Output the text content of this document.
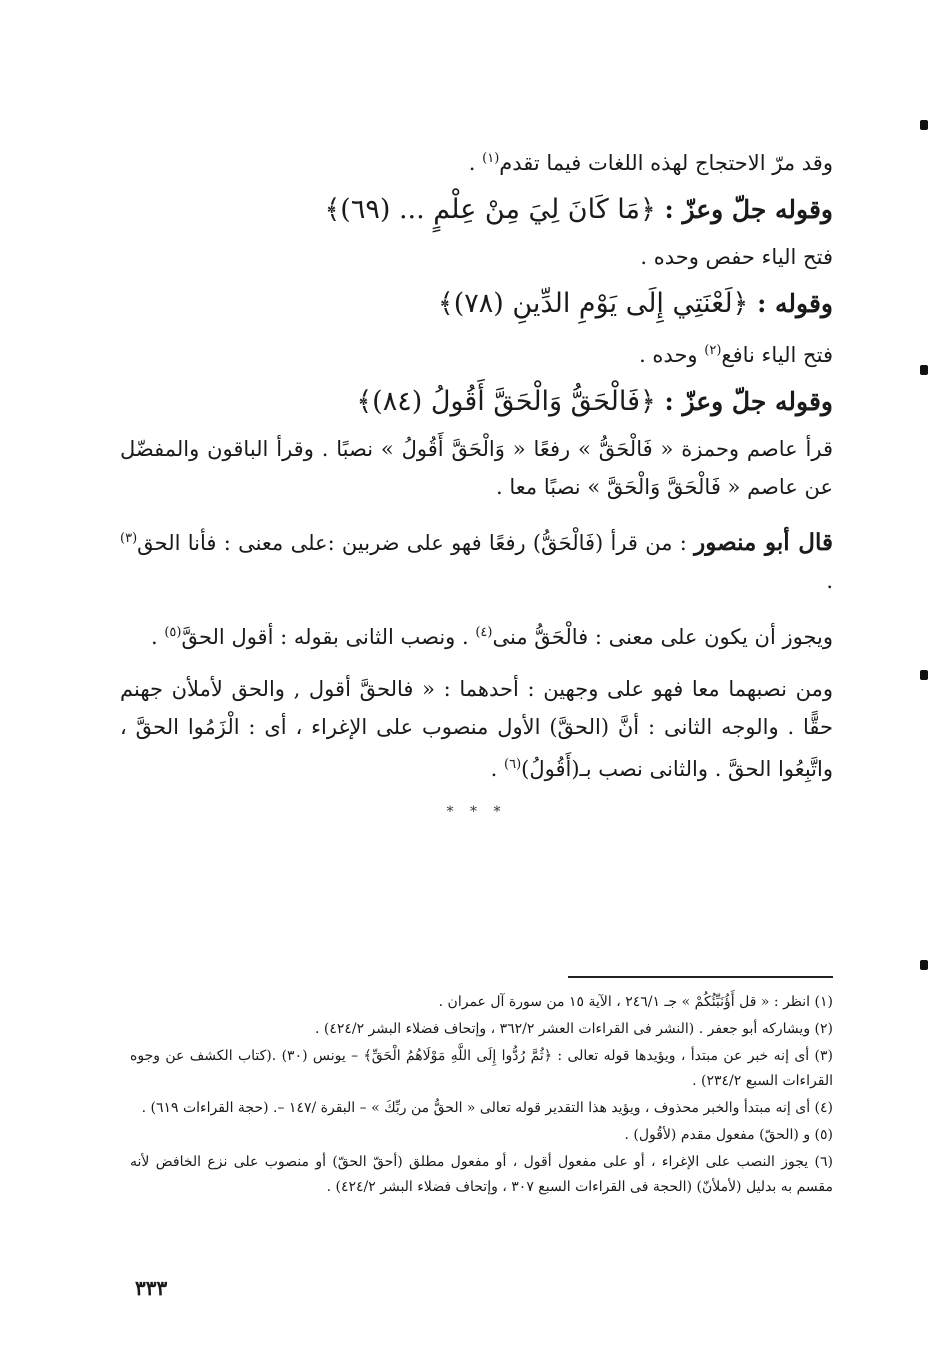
وقد مرّ الاحتجاج لهذه اللغات فيما تقدم$^{(١)}$ .

وقوله جلّ وعزّ : ﴿مَا كَانَ لِيَ مِنْ عِلْمٍ ... (٦٩)﴾

فتح الياء حفص وحده .

وقوله : ﴿لَعْنَتِي إِلَى يَوْمِ الدِّينِ (٧٨)﴾

فتح الياء نافع$^{(٢)}$ وحده .

وقوله جلّ وعزّ : ﴿فَالْحَقُّ وَالْحَقَّ أَقُولُ (٨٤)﴾

قرأ عاصم وحمزة « فَالْحَقُّ » رفعًا « وَالْحَقَّ أَقُولُ » نصبًا . وقرأ الباقون والمفضّل عن عاصم « فَالْحَقَّ وَالْحَقَّ » نصبًا معا .

قال أبو منصور : من قرأ (فَالْحَقُّ) رفعًا فهو على ضربين :على معنى : فأنا الحق$^{(٣)}$ .

ويجوز أن يكون على معنى : فالْحَقُّ منى$^{(٤)}$ . ونصب الثانى بقوله : أقول الحقَّ$^{(٥)}$ .

ومن نصبهما معا فهو على وجهين : أحدهما : « فالحقَّ أقول , والحق لأملأن جهنم حقًّا . والوجه الثانى : أنَّ (الحقَّ) الأول منصوب على الإغراء ، أى : الْزَمُوا الحقَّ ، واتَّبِعُوا الحقَّ . والثانى نصب بـ(أَقُولُ)$^{(٦)}$ .

* * *

(١) انظر : « قل أَؤُنَبِّئُكُمْ » جـ ٢٤٦/١ ، الآية ١٥ من سورة آل عمران .

(٢) ويشاركه أبو جعفر . (النشر فى القراءات العشر ٣٦٢/٢ ، وإتحاف فضلاء البشر ٤٢٤/٢) .

(٣) أى إنه خبر عن مبتدأ ، ويؤيدها قوله تعالى : ﴿ثُمَّ رُدُّوا إِلَى اللَّهِ مَوْلَاهُمُ الْحَقِّ﴾ – يونس (٣٠) .(كتاب الكشف عن وجوه القراءات السبع ٢٣٤/٢) .

(٤) أى إنه مبتدأ والخبر محذوف ، ويؤيد هذا التقدير قوله تعالى « الحقُّ من ربِّكَ » – البقرة /١٤٧ –. (حجة القراءات ٦١٩) .

(٥) و (الحقّ) مفعول مقدم (لأقُول) .

(٦) يجوز النصب على الإغراء ، أو على مفعول أقول ، أو مفعول مطلق (أحقّ الحقّ) أو منصوب على نزع الخافض لأنه مقسم به بدليل (لأملأنّ) (الحجة فى القراءات السبع ٣٠٧ ، وإتحاف فضلاء البشر ٤٢٤/٢) .

٣٣٣
